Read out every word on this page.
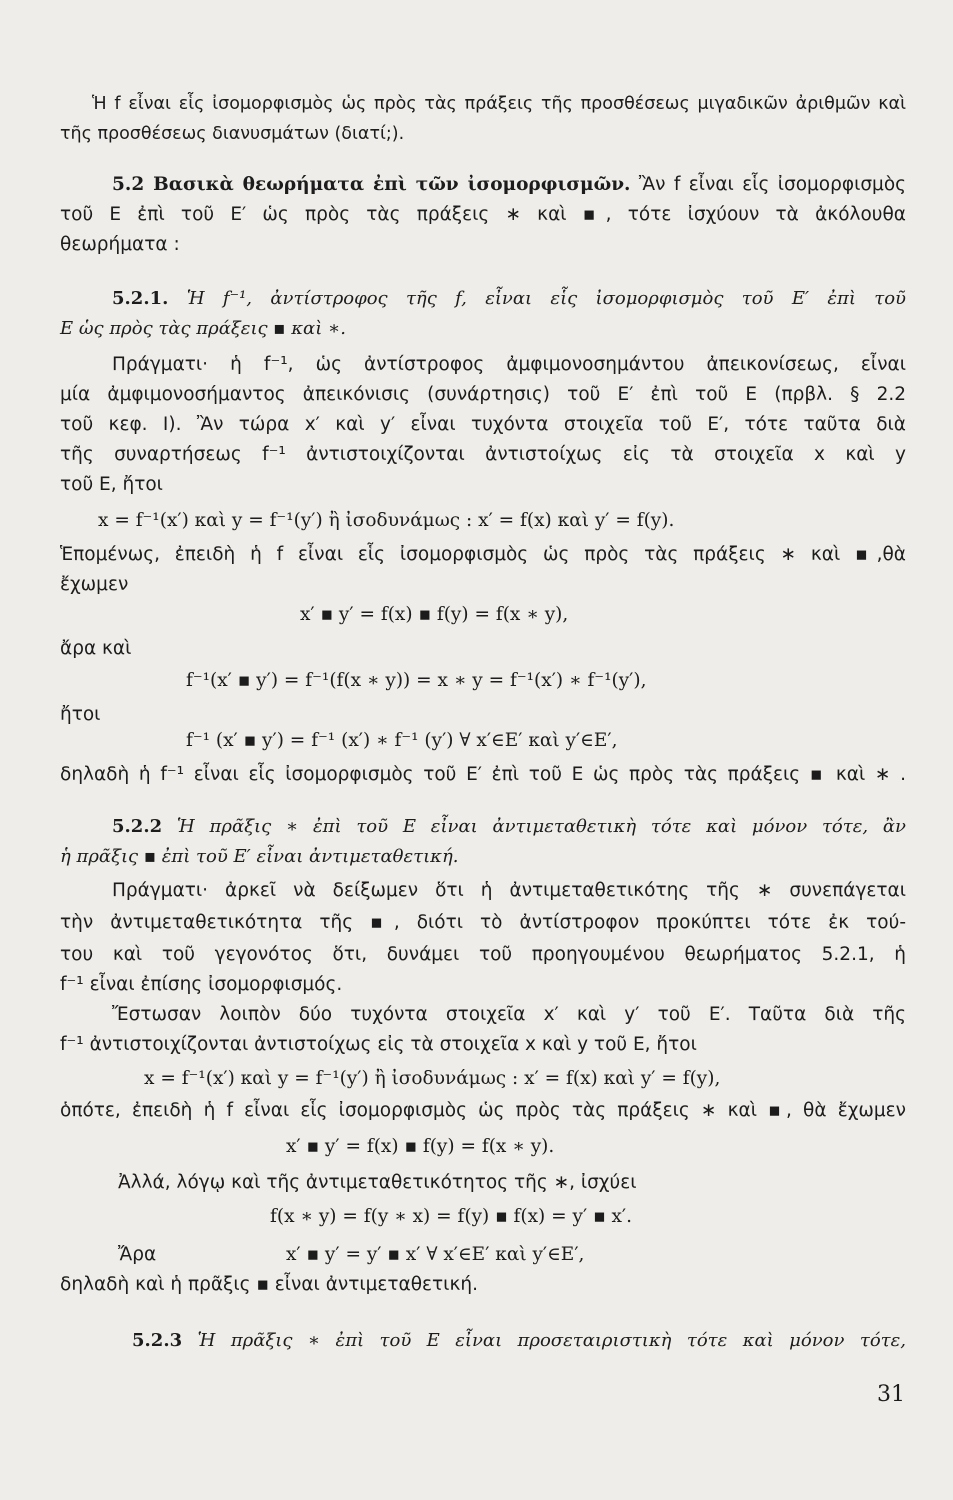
Ἡ f εἶναι εἷς ἰσομορφισμὸς ὡς πρὸς τὰς πράξεις τῆς προσθέσεως μιγαδικῶν ἀριθμῶν καὶ
τῆς προσθέσεως διανυσμάτων (διατί;).
5.2 Βασικὰ θεωρήματα ἐπὶ τῶν ἰσομορφισμῶν. Ἂν f εἶναι εἷς ἰσομορφισμὸς
τοῦ Ε ἐπὶ τοῦ Ε′ ὡς πρὸς τὰς πράξεις ∗ καὶ ▪, τότε ἰσχύουν τὰ ἀκόλουθα
θεωρήματα :
5.2.1. Ἡ f⁻¹, ἀντίστροφος τῆς f, εἶναι εἷς ἰσομορφισμὸς τοῦ Ε′ ἐπὶ τοῦ
Ε ὡς πρὸς τὰς πράξεις ▪ καὶ ∗.
Πράγματι· ἡ f⁻¹, ὡς ἀντίστροφος ἀμφιμονοσημάντου ἀπεικονίσεως, εἶναι
μία ἀμφιμονοσήμαντος ἀπεικόνισις (συνάρτησις) τοῦ Ε′ ἐπὶ τοῦ Ε (πρβλ. § 2.2
τοῦ κεφ. I). Ἂν τώρα x′ καὶ y′ εἶναι τυχόντα στοιχεῖα τοῦ Ε′, τότε ταῦτα διὰ
τῆς συναρτήσεως f⁻¹ ἀντιστοιχίζονται ἀντιστοίχως εἰς τὰ στοιχεῖα x καὶ y
τοῦ Ε, ἤτοι
x = f⁻¹(x′) καὶ y = f⁻¹(y′) ἢ ἰσοδυνάμως : x′ = f(x) καὶ y′ = f(y).
Ἑπομένως, ἐπειδὴ ἡ f εἶναι εἷς ἰσομορφισμὸς ὡς πρὸς τὰς πράξεις ∗ καὶ ▪,θὰ
ἔχωμεν
x′ ▪ y′ = f(x) ▪ f(y) = f(x ∗ y),
ἄρα καὶ
f⁻¹(x′ ▪ y′) = f⁻¹(f(x ∗ y)) = x ∗ y = f⁻¹(x′) ∗ f⁻¹(y′),
ἤτοι
f⁻¹ (x′ ▪ y′) = f⁻¹ (x′) ∗ f⁻¹ (y′) ∀ x′∈Ε′ καὶ y′∈Ε′,
δηλαδὴ ἡ f⁻¹ εἶναι εἷς ἰσομορφισμὸς τοῦ Ε′ ἐπὶ τοῦ Ε ὡς πρὸς τὰς πράξεις ▪ καὶ ∗ .
5.2.2 Ἡ πρᾶξις ∗ ἐπὶ τοῦ Ε εἶναι ἀντιμεταθετικὴ τότε καὶ μόνον τότε, ἂν
ἡ πρᾶξις ▪ ἐπὶ τοῦ Ε′ εἶναι ἀντιμεταθετική.
Πράγματι· ἀρκεῖ νὰ δείξωμεν ὅτι ἡ ἀντιμεταθετικότης τῆς ∗ συνεπάγεται
τὴν ἀντιμεταθετικότητα τῆς ▪, διότι τὸ ἀντίστροφον προκύπτει τότε ἐκ τού-
του καὶ τοῦ γεγονότος ὅτι, δυνάμει τοῦ προηγουμένου θεωρήματος 5.2.1, ἡ
f⁻¹ εἶναι ἐπίσης ἰσομορφισμός.
Ἔστωσαν λοιπὸν δύο τυχόντα στοιχεῖα x′ καὶ y′ τοῦ Ε′. Ταῦτα διὰ τῆς
f⁻¹ ἀντιστοιχίζονται ἀντιστοίχως εἰς τὰ στοιχεῖα x καὶ y τοῦ Ε, ἤτοι
x = f⁻¹(x′) καὶ y = f⁻¹(y′) ἢ ἰσοδυνάμως : x′ = f(x) καὶ y′ = f(y),
ὁπότε, ἐπειδὴ ἡ f εἶναι εἷς ἰσομορφισμὸς ὡς πρὸς τὰς πράξεις ∗ καὶ ▪, θὰ ἔχωμεν
x′ ▪ y′ = f(x) ▪ f(y) = f(x ∗ y).
Ἀλλά, λόγῳ καὶ τῆς ἀντιμεταθετικότητος τῆς ∗, ἰσχύει
f(x ∗ y) = f(y ∗ x) = f(y) ▪ f(x) = y′ ▪ x′.
Ἄρα	x′ ▪ y′ = y′ ▪ x′ ∀ x′∈Ε′ καὶ y′∈Ε′,
δηλαδὴ καὶ ἡ πρᾶξις ▪ εἶναι ἀντιμεταθετική.
5.2.3 Ἡ πρᾶξις ∗ ἐπὶ τοῦ Ε εἶναι προσεταιριστικὴ τότε καὶ μόνον τότε,
31
